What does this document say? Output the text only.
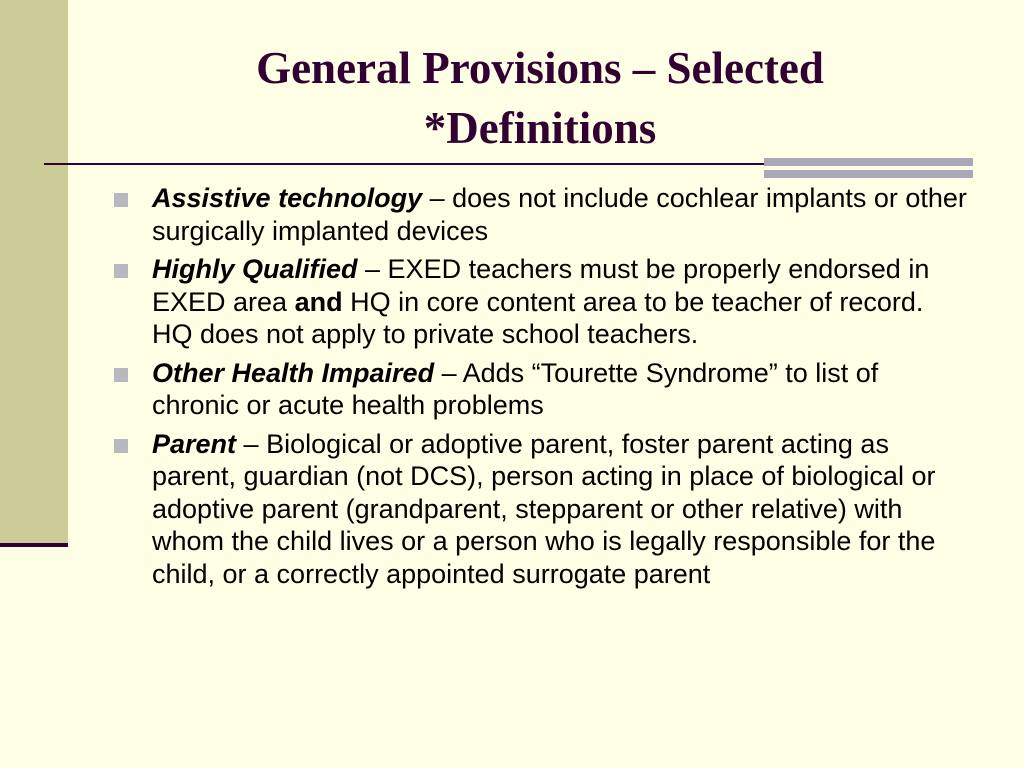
General Provisions – Selected
*Definitions
Assistive technology – does not include cochlear implants or other surgically implanted devices
Highly Qualified – EXED teachers must be properly endorsed in EXED area and HQ in core content area to be teacher of record. HQ does not apply to private school teachers.
Other Health Impaired – Adds “Tourette Syndrome” to list of chronic or acute health problems
Parent – Biological or adoptive parent, foster parent acting as parent, guardian (not DCS), person acting in place of biological or adoptive parent (grandparent, stepparent or other relative) with whom the child lives or a person who is legally responsible for the child, or a correctly appointed surrogate parent
